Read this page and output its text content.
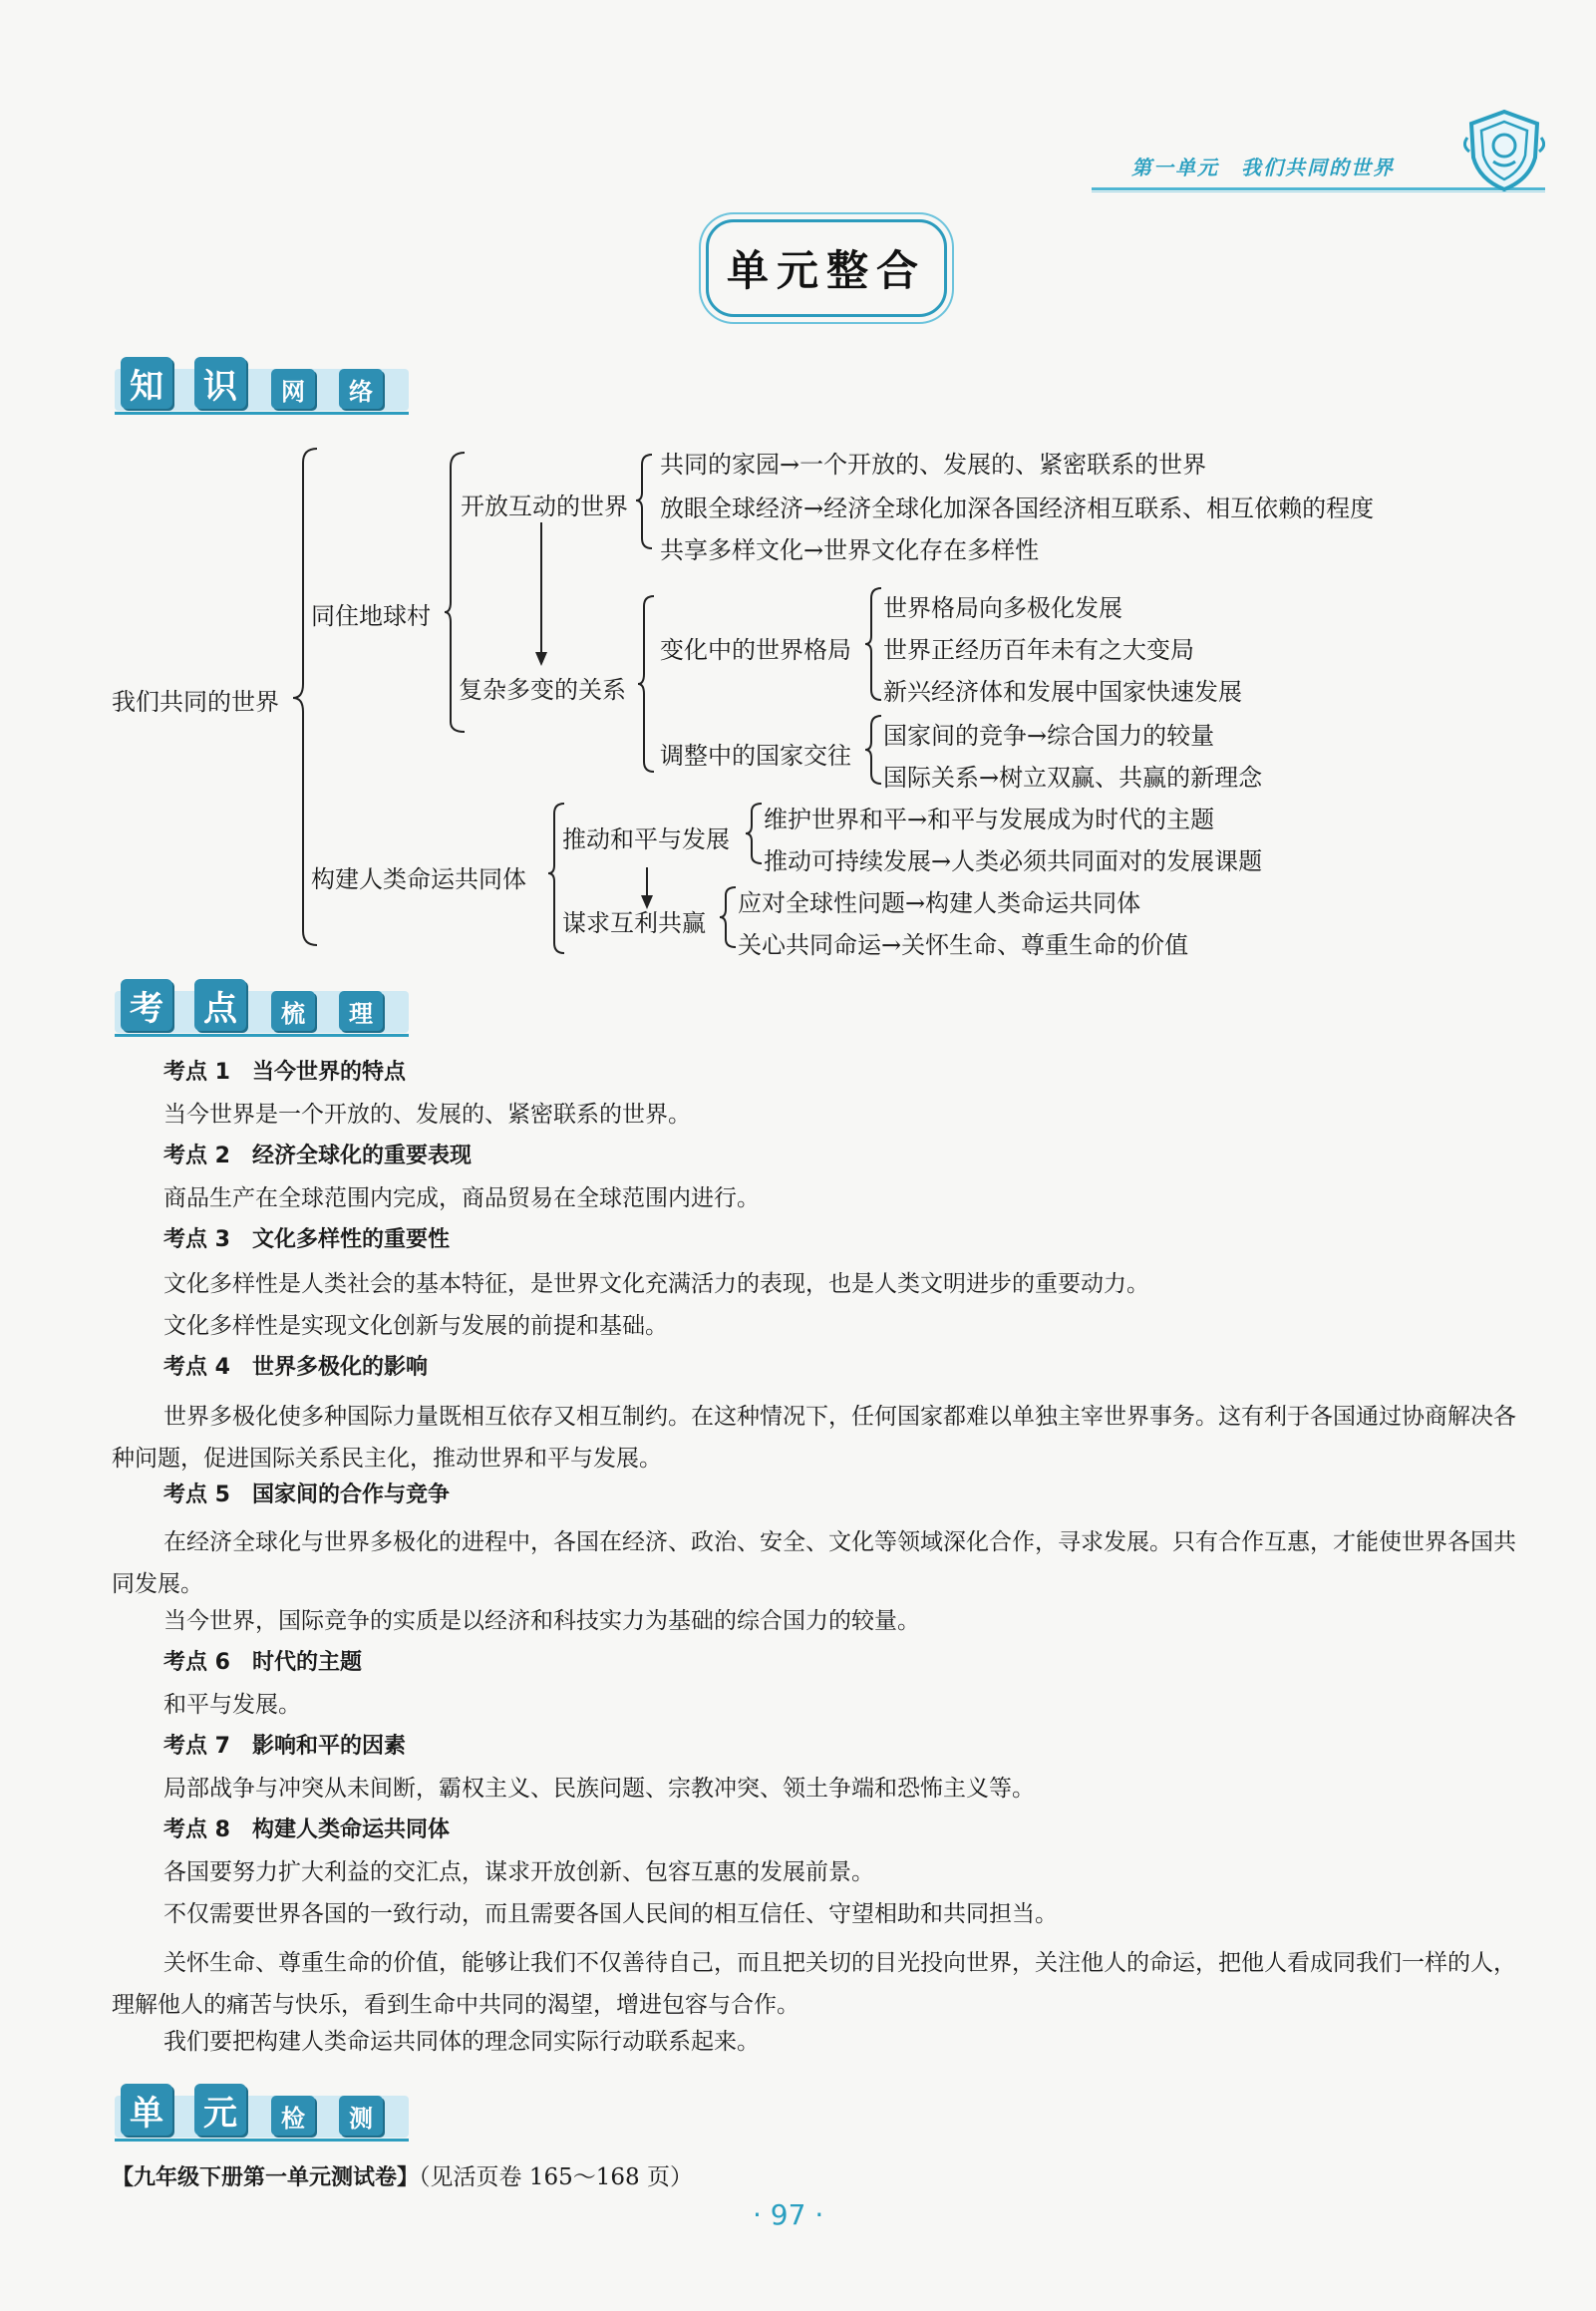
第一单元　我们共同的世界
单元整合
知 识	网	络
我们共同的世界
同住地球村
构建人类命运共同体
开放互动的世界
复杂多变的关系
共同的家园→一个开放的、发展的、紧密联系的世界
放眼全球经济→经济全球化加深各国经济相互联系、相互依赖的程度
共享多样文化→世界文化存在多样性
变化中的世界格局
调整中的国家交往
世界格局向多极化发展
世界正经历百年未有之大变局
新兴经济体和发展中国家快速发展
国家间的竞争→综合国力的较量
国际关系→树立双赢、共赢的新理念
推动和平与发展
谋求互利共赢
维护世界和平→和平与发展成为时代的主题
推动可持续发展→人类必须共同面对的发展课题
应对全球性问题→构建人类命运共同体
关心共同命运→关怀生命、尊重生命的价值
考 点	梳	理
考点 1　当今世界的特点
当今世界是一个开放的、发展的、紧密联系的世界。
考点 2　经济全球化的重要表现
商品生产在全球范围内完成，商品贸易在全球范围内进行。
考点 3　文化多样性的重要性
文化多样性是人类社会的基本特征，是世界文化充满活力的表现，也是人类文明进步的重要动力。
文化多样性是实现文化创新与发展的前提和基础。
考点 4　世界多极化的影响
世界多极化使多种国际力量既相互依存又相互制约。在这种情况下，任何国家都难以单独主宰世界事务。这有利于各国通过协商解决各种问题，促进国际关系民主化，推动世界和平与发展。
考点 5　国家间的合作与竞争
在经济全球化与世界多极化的进程中，各国在经济、政治、安全、文化等领域深化合作，寻求发展。只有合作互惠，才能使世界各国共同发展。
当今世界，国际竞争的实质是以经济和科技实力为基础的综合国力的较量。
考点 6　时代的主题
和平与发展。
考点 7　影响和平的因素
局部战争与冲突从未间断，霸权主义、民族问题、宗教冲突、领土争端和恐怖主义等。
考点 8　构建人类命运共同体
各国要努力扩大利益的交汇点，谋求开放创新、包容互惠的发展前景。
不仅需要世界各国的一致行动，而且需要各国人民间的相互信任、守望相助和共同担当。
关怀生命、尊重生命的价值，能够让我们不仅善待自己，而且把关切的目光投向世界，关注他人的命运，把他人看成同我们一样的人，理解他人的痛苦与快乐，看到生命中共同的渴望，增进包容与合作。
我们要把构建人类命运共同体的理念同实际行动联系起来。
单 元	检	测
【九年级下册第一单元测试卷】（见活页卷 165～168 页）
· 97 ·
